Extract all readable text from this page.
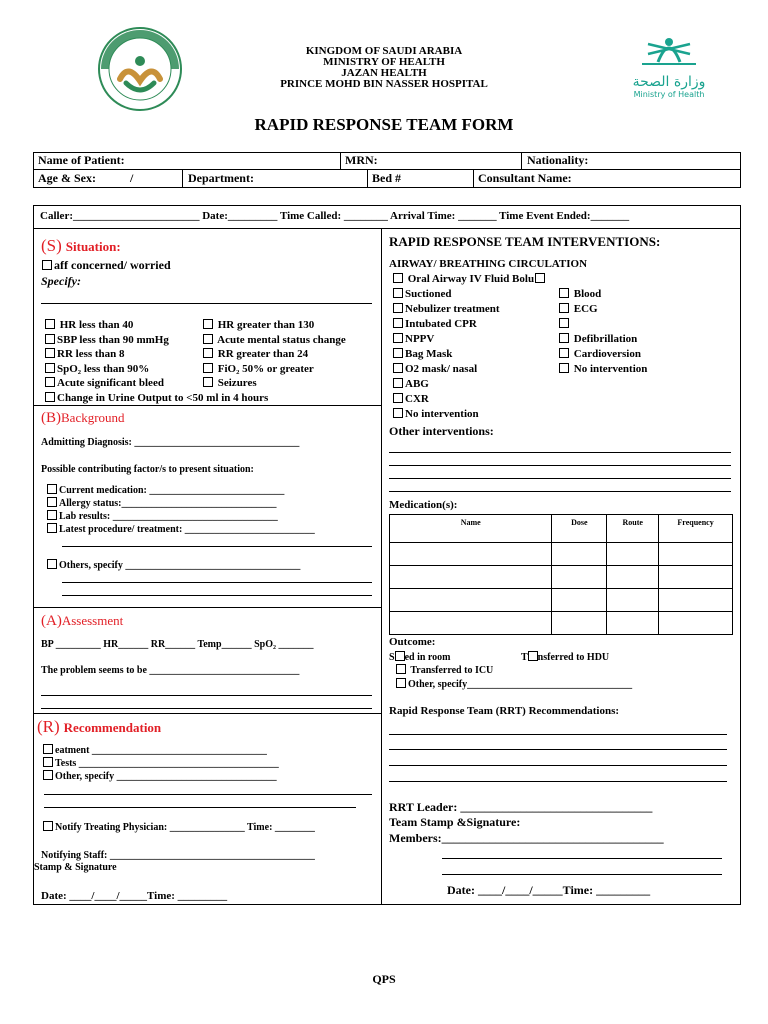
وزارة الصحة
Ministry of Health
KINGDOM OF SAUDI ARABIA
MINISTRY OF HEALTH
JAZAN HEALTH
PRINCE MOHD BIN NASSER HOSPITAL
RAPID RESPONSE TEAM FORM
Name of Patient:	MRN:	Nationality:
Age & Sex:	/	Department:	Bed #	Consultant Name:
Caller:_______________________ Date:_________ Time Called: ________ Arrival Time: _______ Time Event Ended:_______
(S) Situation:
aff concerned/ worried
Specify:
HR less than 40
SBP less than 90 mmHg
RR less than 8
SpO₂ less than 90%
Acute significant bleed
Change in Urine Output to <50 ml in 4 hours
HR greater than 130
Acute mental status change
RR greater than 24
FiO₂ 50% or greater
Seizures
(B)Background
Admitting Diagnosis: _________________________________
Possible contributing factor/s to present situation:
Current medication: ___________________________
Allergy status:_______________________________
Lab results: _________________________________
Latest procedure/ treatment: __________________________
Others, specify ___________________________________
(A)Assessment
BP _________ HR______ RR______ Temp______ SpO₂ _______
The problem seems to be ______________________________
(R) Recommendation
eatment ___________________________________
Tests ________________________________________
Other, specify ________________________________
Notify Treating Physician: _______________ Time: ________
Notifying Staff: _________________________________________
Stamp & Signature
Date: ____/____/_____Time: _________
RAPID RESPONSE TEAM INTERVENTIONS:
AIRWAY/ BREATHING CIRCULATION
Oral Airway IV Fluid Bolu
Suctioned
Nebulizer treatment
Intubated CPR
NPPV
Bag Mask
O2 mask/ nasal
ABG
CXR
No intervention
Blood
ECG
Defibrillation
Cardioversion
No intervention
Other interventions:
Medication(s):
Name	Dose	Route	Frequency

Outcome:
S ed in room	T nsferred to HDU
Transferred to ICU
Other, specify_________________________________
Rapid Response Team (RRT) Recommendations:
RRT Leader: ________________________________
Team Stamp &Signature:
Members:_____________________________________
Date: ____/____/_____Time: _________
QPS
